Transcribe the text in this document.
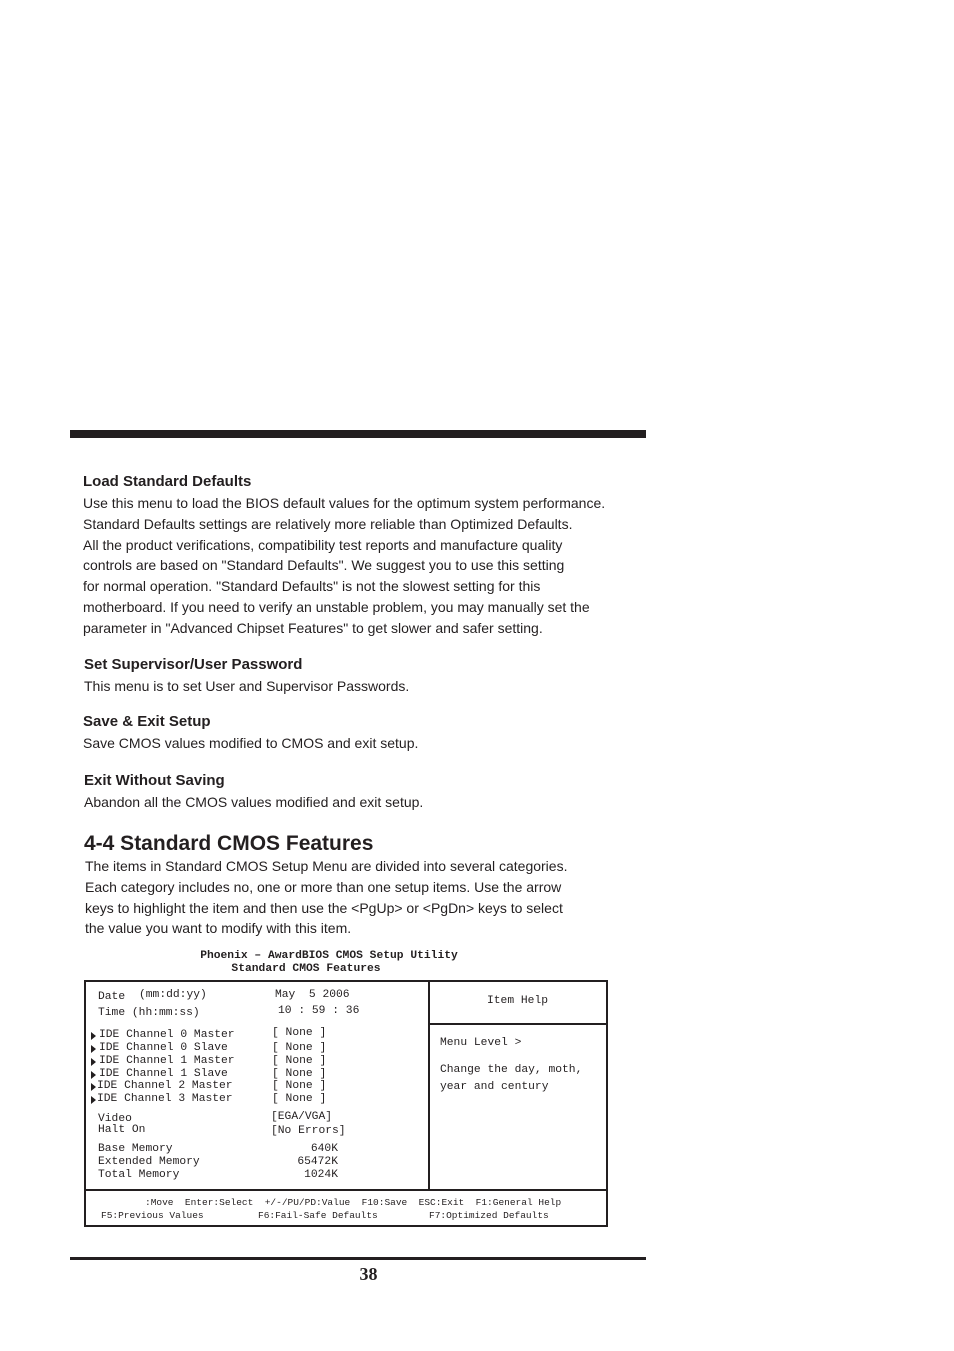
Load Standard Defaults
Use this menu to load the BIOS default values for the optimum system performance.
Standard Defaults settings are relatively more reliable than Optimized Defaults.
All the product verifications, compatibility test reports and manufacture quality
controls are based on "Standard Defaults". We suggest you to use this setting
for normal operation. "Standard Defaults" is not the slowest setting for this
motherboard. If you need to verify an unstable problem, you may manually set the
parameter in "Advanced Chipset Features" to get slower and safer setting.
Set Supervisor/User Password
This menu is to set User and Supervisor Passwords.
Save & Exit Setup
Save CMOS values modified to CMOS and exit setup.
Exit Without Saving
Abandon all the CMOS values modified and exit setup.
4-4 Standard CMOS Features
The items in Standard CMOS Setup Menu are divided into several categories.
Each category includes no, one or more than one setup items. Use the arrow
keys to highlight the item and then use the <PgUp> or <PgDn> keys to select
the value you want to modify with this item.
Phoenix – AwardBIOS CMOS Setup Utility
Standard CMOS Features
Date (mm:dd:yy)	May  5 2006
Time (hh:mm:ss)	10 : 59 : 36
IDE Channel 0 Master	[ None ]
IDE Channel 0 Slave	[ None ]
IDE Channel 1 Master	[ None ]
IDE Channel 1 Slave	[ None ]
IDE Channel 2 Master	[ None ]
IDE Channel 3 Master	[ None ]
Video	[EGA/VGA]
Halt On	[No Errors]
Base Memory	640K
Extended Memory	65472K
Total Memory	1024K
Item Help
Menu Level >
Change the day, moth,
year and century
:Move  Enter:Select  +/-/PU/PD:Value  F10:Save  ESC:Exit  F1:General Help
F5:Previous Values	F6:Fail-Safe Defaults	F7:Optimized Defaults
38
